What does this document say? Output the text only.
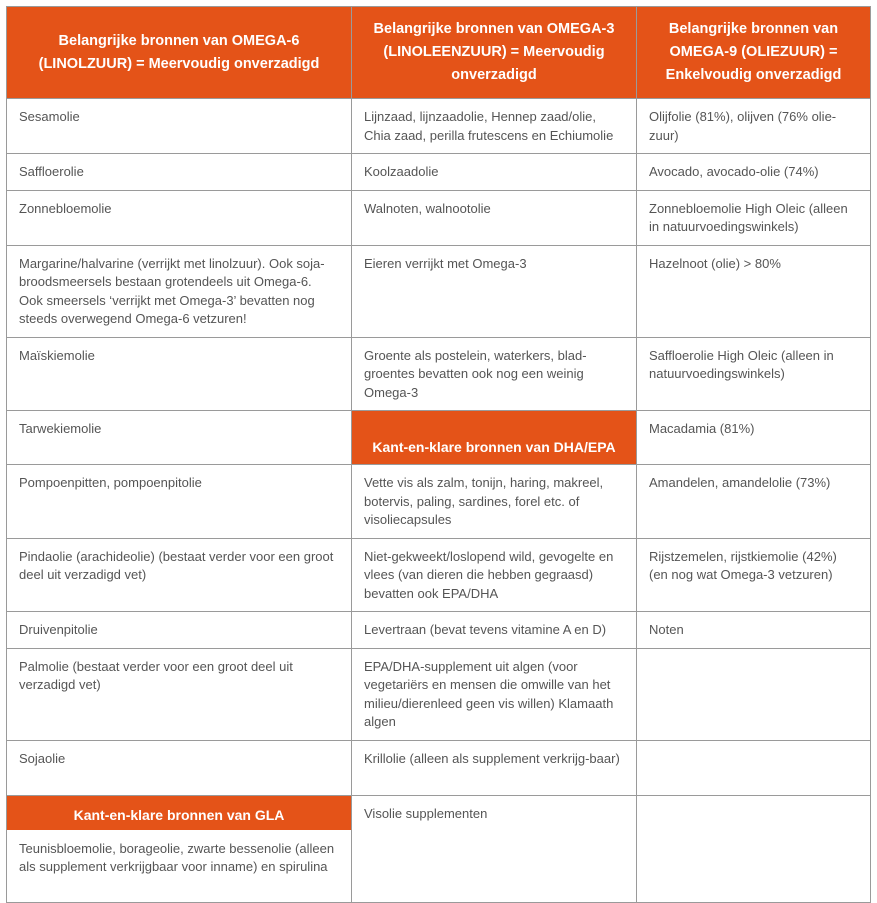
Belangrijke bronnen van OMEGA-6 (LINOLZUUR) = Meervoudig onverzadigd	Belangrijke bronnen van OMEGA-3 (LINOLEENZUUR) = Meervoudig onverzadigd	Belangrijke bronnen van OMEGA-9 (OLIEZUUR) = Enkelvoudig onverzadigd
Sesamolie	Lijnzaad, lijnzaadolie, Hennep zaad/olie, Chia zaad, perilla frutescens en Echiumolie	Olijfolie (81%), olijven (76% olie-zuur)
Saffloerolie	Koolzaadolie	Avocado, avocado-olie (74%)
Zonnebloemolie	Walnoten, walnootolie	Zonnebloemolie High Oleic (alleen in natuurvoedingswinkels)
Margarine/halvarine (verrijkt met linolzuur). Ook soja-broodsmeersels bestaan grotendeels uit Omega-6. Ook smeersels ‘verrijkt met Omega-3’ bevatten nog steeds overwegend Omega-6 vetzuren!	Eieren verrijkt met Omega-3	Hazelnoot (olie) > 80%
Maïskiemolie	Groente als postelein, waterkers, blad-groentes bevatten ook nog een weinig Omega-3	Saffloerolie High Oleic (alleen in natuurvoedingswinkels)
Tarwekiemolie	Kant-en-klare bronnen van DHA/EPA	Macadamia (81%)
Pompoenpitten, pompoenpitolie	Vette vis als zalm, tonijn, haring, makreel, botervis, paling, sardines, forel etc. of visoliecapsules	Amandelen, amandelolie (73%)
Pindaolie (arachideolie) (bestaat verder voor een groot deel uit verzadigd vet)	Niet-gekweekt/loslopend wild, gevogelte en vlees (van dieren die hebben gegraasd) bevatten ook EPA/DHA	Rijstzemelen, rijstkiemolie (42%) (en nog wat Omega-3 vetzuren)
Druivenpitolie	Levertraan (bevat tevens vitamine A en D)	Noten
Palmolie (bestaat verder voor een groot deel uit verzadigd vet)	EPA/DHA-supplement uit algen (voor vegetariërs en mensen die omwille van het milieu/dierenleed geen vis willen) Klamaath algen	
Sojaolie	Krillolie (alleen als supplement verkrijg-baar)	

Kant-en-klare bronnen van GLA
Teunisbloemolie, borageolie, zwarte bessenolie (alleen als supplement verkrijgbaar voor inname) en spirulina	Visolie supplementen	
